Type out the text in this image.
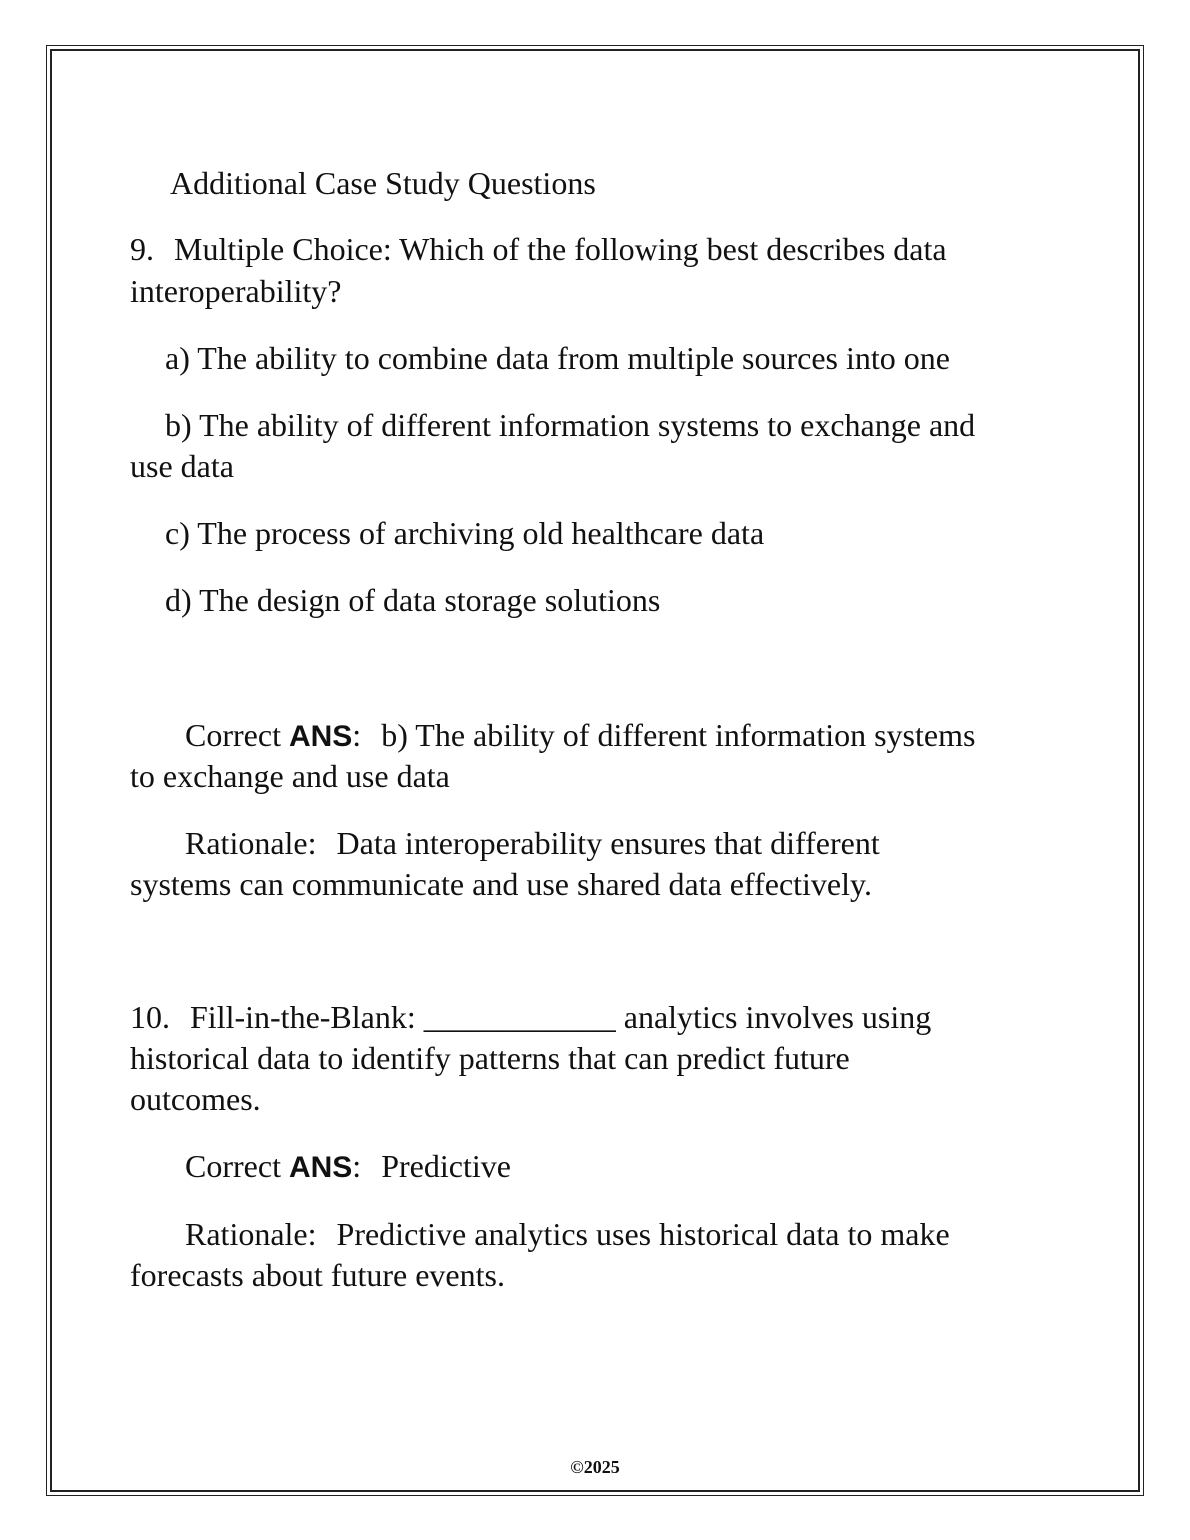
Additional Case Study Questions
9. Multiple Choice: Which of the following best describes data
interoperability?
a) The ability to combine data from multiple sources into one
b) The ability of different information systems to exchange and
use data
c) The process of archiving old healthcare data
d) The design of data storage solutions
Correct ANS: b) The ability of different information systems
to exchange and use data
Rationale: Data interoperability ensures that different
systems can communicate and use shared data effectively.
10. Fill-in-the-Blank: ____________ analytics involves using
historical data to identify patterns that can predict future
outcomes.
Correct ANS: Predictive
Rationale: Predictive analytics uses historical data to make
forecasts about future events.
©2025
